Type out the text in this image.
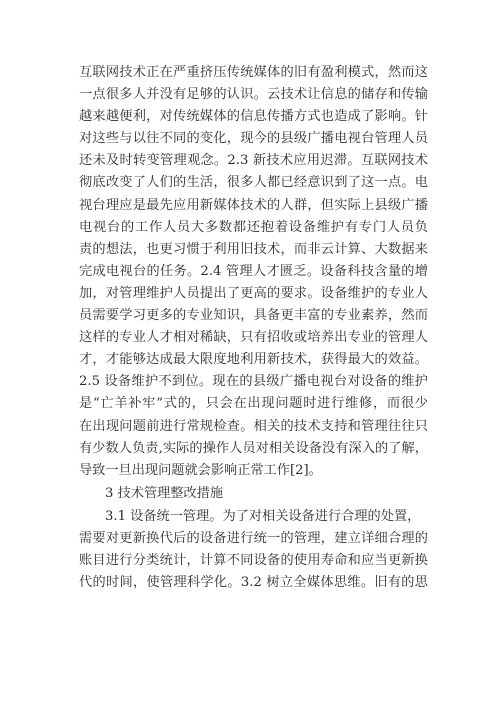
互联网技术正在严重挤压传统媒体的旧有盈利模式，然而这
一点很多人并没有足够的认识。云技术让信息的储存和传输
越来越便利，对传统媒体的信息传播方式也造成了影响。针
对这些与以往不同的变化，现今的县级广播电视台管理人员
还未及时转变管理观念。2.3 新技术应用迟滞。互联网技术
彻底改变了人们的生活，很多人都已经意识到了这一点。电
视台理应是最先应用新媒体技术的人群，但实际上县级广播
电视台的工作人员大多数都还抱着设备维护有专门人员负
责的想法，也更习惯于利用旧技术，而非云计算、大数据来
完成电视台的任务。2.4 管理人才匮乏。设备科技含量的增
加，对管理维护人员提出了更高的要求。设备维护的专业人
员需要学习更多的专业知识，具备更丰富的专业素养，然而
这样的专业人才相对稀缺，只有招收或培养出专业的管理人
才，才能够达成最大限度地利用新技术，获得最大的效益。
2.5 设备维护不到位。现在的县级广播电视台对设备的维护
是“亡羊补牢”式的，只会在出现问题时进行维修，而很少
在出现问题前进行常规检查。相关的技术支持和管理往往只
有少数人负责,实际的操作人员对相关设备没有深入的了解，
导致一旦出现问题就会影响正常工作[2]。
3 技术管理整改措施
3.1 设备统一管理。为了对相关设备进行合理的处置，
需要对更新换代后的设备进行统一的管理，建立详细合理的
账目进行分类统计，计算不同设备的使用寿命和应当更新换
代的时间，使管理科学化。3.2 树立全媒体思维。旧有的思
